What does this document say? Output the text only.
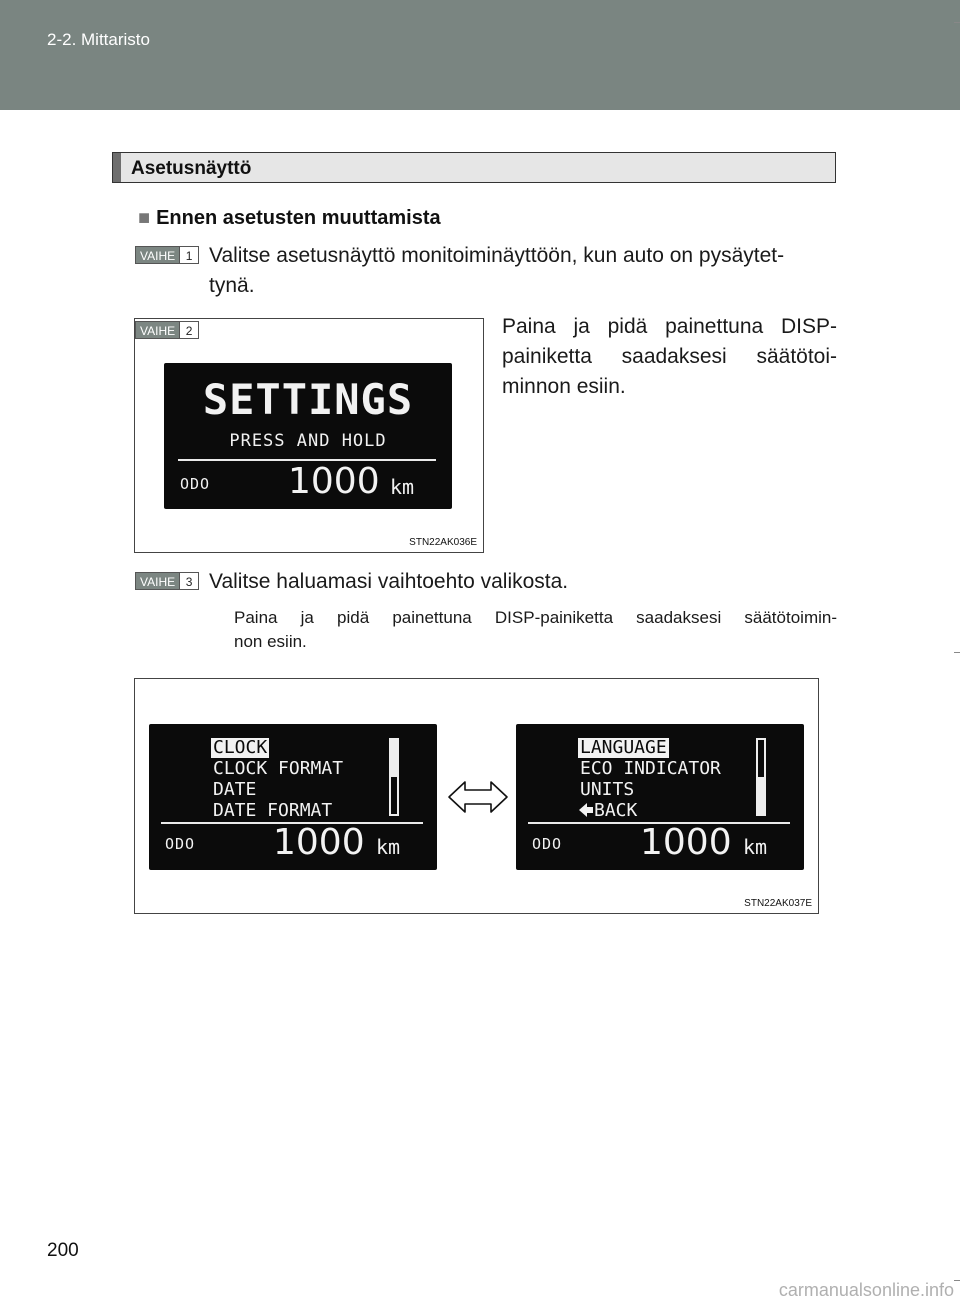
2-2. Mittaristo
Asetusnäyttö
■ Ennen asetusten muuttamista
VAIHE 1 Valitse asetusnäyttö monitoiminäyttöön, kun auto on pysäytet-
tynä.
VAIHE 2
SETTINGS
PRESS AND HOLD
ODO 1000 km
STN22AK036E
Paina ja pidä painettuna DISP-
painiketta saadaksesi säätötoi-
minnon esiin.
VAIHE 3 Valitse haluamasi vaihtoehto valikosta.
Paina ja pidä painettuna DISP-painiketta saadaksesi säätötoimin-
non esiin.
CLOCK
CLOCK FORMAT
DATE
DATE FORMAT
ODO 1000 km
LANGUAGE
ECO INDICATOR
UNITS
BACK
ODO 1000 km
STN22AK037E
200
carmanualsonline.info
